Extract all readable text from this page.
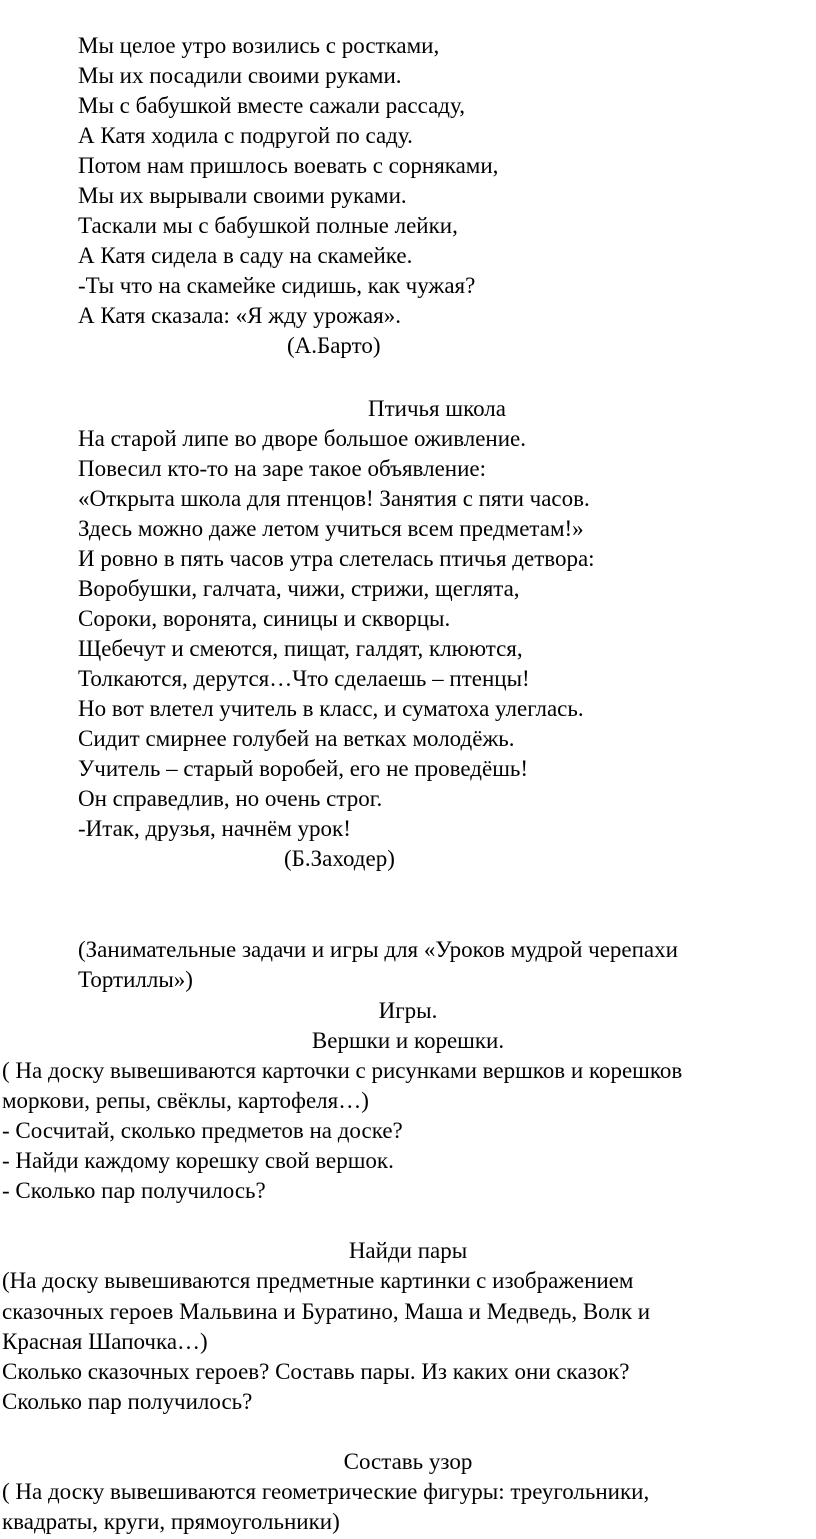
Мы целое утро возились с ростками,
Мы их посадили своими руками.
Мы с бабушкой вместе сажали рассаду,
А Катя ходила с подругой по саду.
Потом нам пришлось воевать с сорняками,
Мы их вырывали своими руками.
Таскали мы с бабушкой полные лейки,
А Катя сидела в саду на скамейке.
-Ты что на скамейке сидишь, как чужая?
А Катя сказала: «Я жду урожая».
(А.Барто)
Птичья школа
На старой липе во дворе большое оживление.
Повесил кто-то на заре такое объявление:
«Открыта школа для птенцов! Занятия с пяти часов.
Здесь можно даже летом учиться всем предметам!»
И ровно в пять часов утра слетелась птичья детвора:
Воробушки, галчата, чижи, стрижи, щеглята,
Сороки, воронята, синицы и скворцы.
Щебечут и смеются, пищат, галдят, клюются,
Толкаются, дерутся…Что сделаешь – птенцы!
Но вот влетел учитель в класс, и суматоха улеглась.
Сидит смирнее голубей на ветках молодёжь.
Учитель – старый воробей, его не проведёшь!
Он справедлив, но очень строг.
-Итак, друзья, начнём урок!
(Б.Заходер)
(Занимательные задачи и игры для «Уроков мудрой черепахи
Тортиллы»)
Игры.
Вершки и корешки.
( На доску вывешиваются карточки с рисунками вершков и корешков
моркови, репы, свёклы, картофеля…)
- Сосчитай, сколько предметов на доске?
- Найди каждому корешку свой вершок.
- Сколько пар получилось?
Найди пары
(На доску вывешиваются предметные картинки с изображением
сказочных героев Мальвина и Буратино, Маша и Медведь, Волк и
Красная Шапочка…)
Сколько сказочных героев? Составь пары. Из каких они сказок?
Сколько пар получилось?
Составь узор
( На доску вывешиваются геометрические фигуры: треугольники,
квадраты, круги, прямоугольники)
